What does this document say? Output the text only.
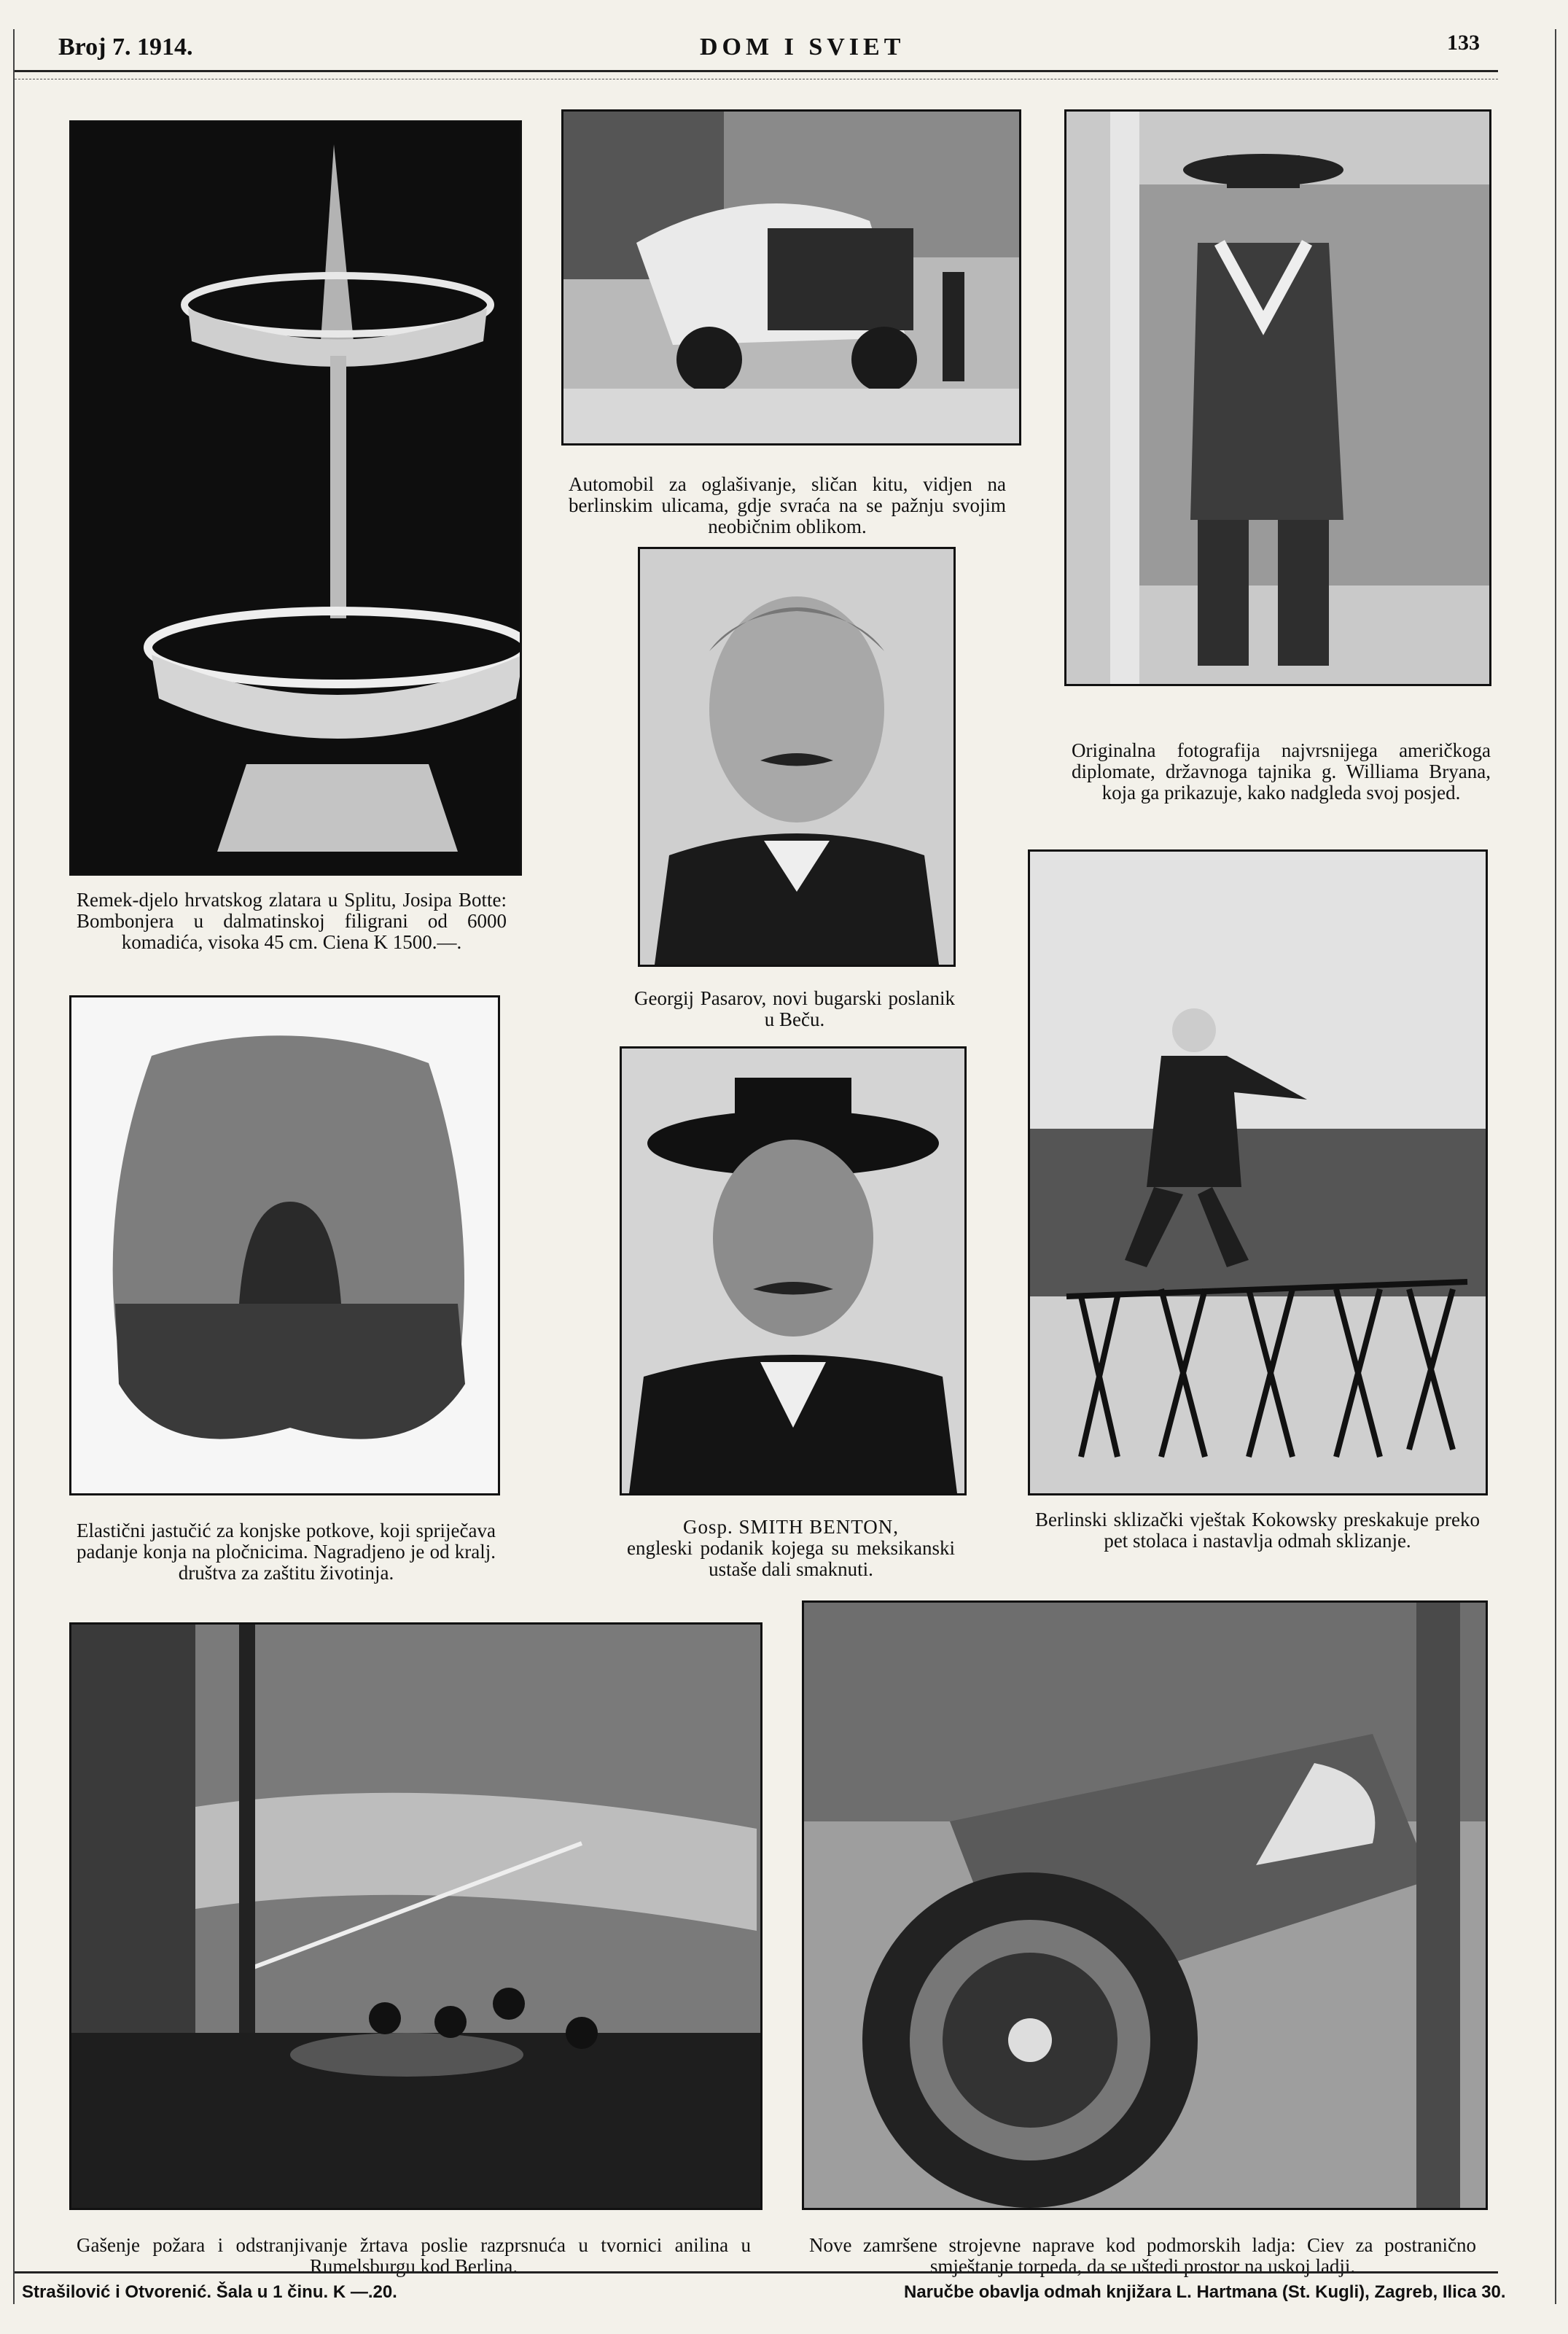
Broj 7. 1914.	DOM I SVIET	133
Remek-djelo hrvatskog zlatara u Splitu, Josipa Botte: Bombonjera u dalmatinskoj filigrani od 6000 komadića, visoka 45 cm. Ciena K 1500.—.
Automobil za oglašivanje, sličan kitu, vidjen na berlinskim ulicama, gdje svraća na se pažnju svojim neobičnim oblikom.
Originalna fotografija najvrsnijega američkoga diplomate, državnoga tajnika g. Williama Bryana, koja ga prikazuje, kako nadgleda svoj posjed.
Georgij Pasarov, novi bugarski poslanik u Beču.
Elastični jastučić za konjske potkove, koji spriječava padanje konja na pločnicima. Nagradjeno je od kralj. društva za zaštitu životinja.
Gosp. SMITH BENTON,
engleski podanik kojega su meksikanski ustaše dali smaknuti.
Berlinski sklizački vještak Kokowsky preskakuje preko pet stolaca i nastavlja odmah sklizanje.
Gašenje požara i odstranjivanje žrtava poslie razprsnuća u tvornici anilina u Rumelsburgu kod Berlina.
Nove zamršene strojevne naprave kod podmorskih ladja: Ciev za postranično smještanje torpeda, da se uštedi prostor na uskoj ladji.
Strašilović i Otvorenić. Šala u 1 činu. K —.20.	Naručbe obavlja odmah knjižara L. Hartmana (St. Kugli), Zagreb, Ilica 30.
